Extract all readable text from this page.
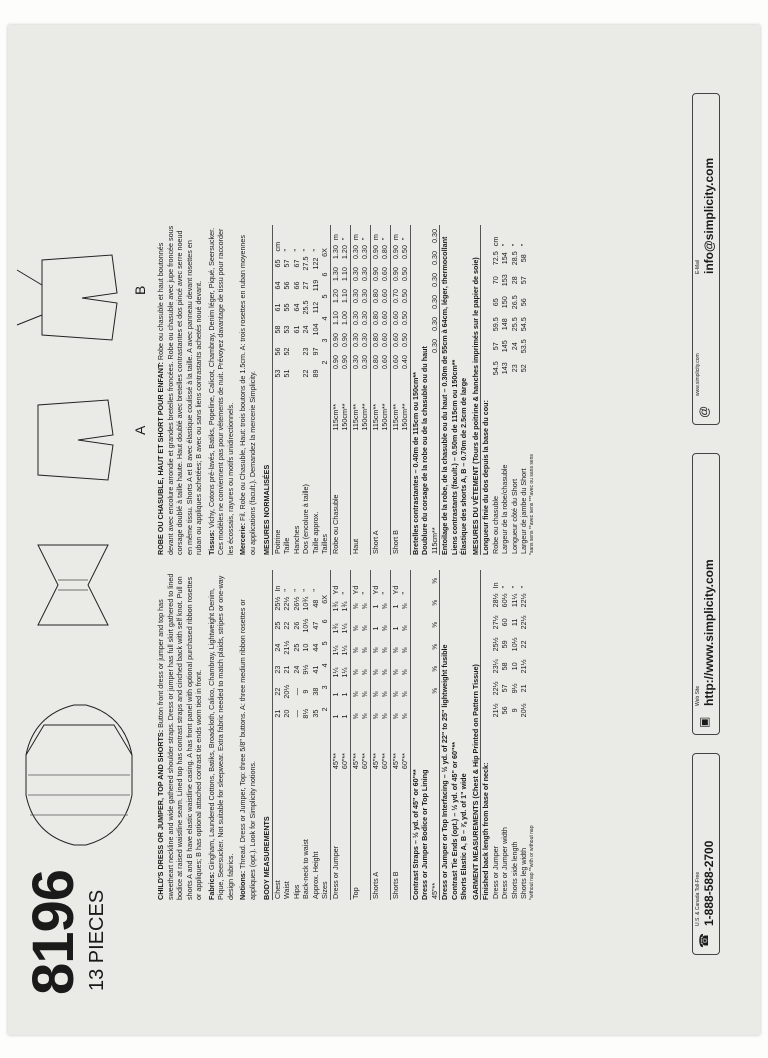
8196 13 PIECES
A
B

CHILD'S DRESS OR JUMPER, TOP AND SHORTS: Button front dress or jumper and top has sweetheart neckline and wide gathered shoulder straps. Dress or jumper has full skirt gathered to lined bodice at raised waistline seam. Lined top has contrast straps and cinched back with self knot. Pull on shorts A and B have elastic waistline casing. A has front panel with optional purchased ribbon rosettes or appliques; B has optional attached contrast tie ends worn tied in front. Fabrics: Gingham, Laundered Cottons, Batiks, Broadcloth, Calico, Chambray, Lightweight Denim, Pique, Seersucker. Not suitable for sleepwear. Extra fabric needed to match plaids, stripes or one-way design fabrics. Notions: Thread. Dress or Jumper, Top: three 5/8" buttons. A: three medium ribbon rosettes or appliques (opt.). Look for Simplicity notions. BODY MEASUREMENTS Chest	21	22	23	24	25	25½	In
Waist	20	20½	21	21½	22	22½	"
Hips	—	—	24	25	26	26½	"
Back-neck to waist	8½	9	9½	10	10½	10¾	"
Approx. Height	35	38	41	44	47	48	"
Sizes	2	3	4	5	6	6X	
Dress or Jumper	45"**	1	1	1¼	1¼	1¾	1¾	Yd
	60"**	1	1	1¼	1¼	1¼	1¾	"
Top	45"**	⅝	⅝	⅝	⅝	⅝	⅝	Yd
	60"**	⅝	⅝	⅝	⅝	⅝	⅝	"
Shorts A	45"**	⅝	⅝	⅝	⅝	1	1	Yd
	60"**	⅝	⅝	⅝	⅝	⅝	⅝	"
Shorts B	45"**	⅝	⅝	⅝	⅝	1	1	Yd
	60"**	⅝	⅝	⅝	⅝	⅝	⅝	"
Contrast Straps – ½ yd. of 45" or 60"** Dress or Jumper Bodice or Top Lining 45"**	⅝	⅝	⅝	⅝	⅝	⅝
Dress or Jumper or Top Interfacing – ½ yd. of 22" to 25" lightweight fusible Contrast Tie Ends (opt.) – ½ yd. of 45" or 60"** Shorts Elastic A, B – ⅞ yd. of 1" wide GARMENT MEASUREMENTS (Chest & Hip Printed on Pattern Tissue) Finished back length from base of neck: Dress or Jumper	21½	22½	23¼	25½	27½	28½	In
Dress or Jumper width	56	57	58	59	60	60½	"
Shorts side length	9	9½	10	10½	11	11¼	"
Shorts leg width	20½	21	21½	22	22½	22½	"
*without nap **with or without nap

ROBE OU CHASUBLE, HAUT ET SHORT POUR ENFANT: Robe ou chasuble et haut boutonnés devant avec encolure arrondie et grandes bretelles froncées. Robe ou chasuble avec jupe froncée sous corsage doublé à taille haute. Haut doublé avec bretelles contrastantes et dos pincé avec serre noeud en même tissu. Shorts A et B avec élastique coulissé à la taille. A avec panneau devant rosettes en ruban ou appliques achetées; B avec ou sans liens contrastants achetés noué devant. Tissus: Vichy, Cotons pré-lavés, Batiks, Popeline, Calicot, Chambray, Denim léger, Piqué, Seersucker. Ces modèles ne conviennent pas pour vêtements de nuit. Prévoyez davantage de tissu pour raccorder les écossais, rayures ou motifs unidirectionnels. Mercerie: Fil. Robe ou Chasuble, Haut: trois boutons de 1.5cm. A: trois rosettes en ruban moyennes ou applications (facult.). Demandez la mercerie Simplicity. MESURES NORMALISÉES Poitrine	53	56	58	61	64	65	cm
Taille	51	52	53	55	56	57	"
Hanches			61	64	66	67	"
Dos (encolure à taille)	22	23	24	25.5	27	27.5	"
Taille approx.	89	97	104	112	119	122	"
Tailles	2	3	4	5	6	6X	
Robe ou Chasuble	115cm**	0.90	0.90	1.10	1.20	1.30	1.30	m
	150cm**	0.90	0.90	1.00	1.10	1.10	1.20	"
Haut	115cm**	0.30	0.30	0.30	0.30	0.30	0.30	m
	150cm**	0.30	0.30	0.30	0.30	0.30	0.30	"
Short A	115cm**	0.80	0.80	0.80	0.80	0.90	0.90	m
	150cm**	0.60	0.60	0.60	0.60	0.60	0.80	"
Short B	115cm**	0.60	0.60	0.60	0.70	0.90	0.90	m
	150cm**	0.40	0.50	0.50	0.50	0.50	0.50	"
Bretelles contrastantes – 0.40m de 115cm ou 150cm** Doublure du corsage de la robe ou de la chasuble ou du haut 115cm**	0.30	0.30	0.30	0.30	0.30	0.30
Entoilage de la robe, de la chasuble ou du haut – 0.30m de 55cm à 64cm, léger, thermocollant Liens contrastants (facult.) – 0.50m de 115cm ou 150cm** Élastique des shorts A, B – 0.70m de 2.5cm de large MESURES DU VÊTEMENT (Tours de poitrine & hanches imprimés sur le papier de soie) Longueur finie du dos depuis la base du cou: Robe ou chasuble	54.5	57	59.5	65	70	72.5	cm
Largeur de la robe/chasuble	143	145	148	150	153	154	"
Longueur côté du Short	23	24	25.5	26.5	28	28.5	"
Largeur de jambe du Short	52	53.5	54.5	56	57	58	"
*sans sens **avec sens ***avec ou sans sens
☎
U.S. & Canada Toll-Free 1-888-588-2700
▣
Web Site http://www.simplicity.com
@
www.simplicity.com
E-Mail info@simplicity.com
